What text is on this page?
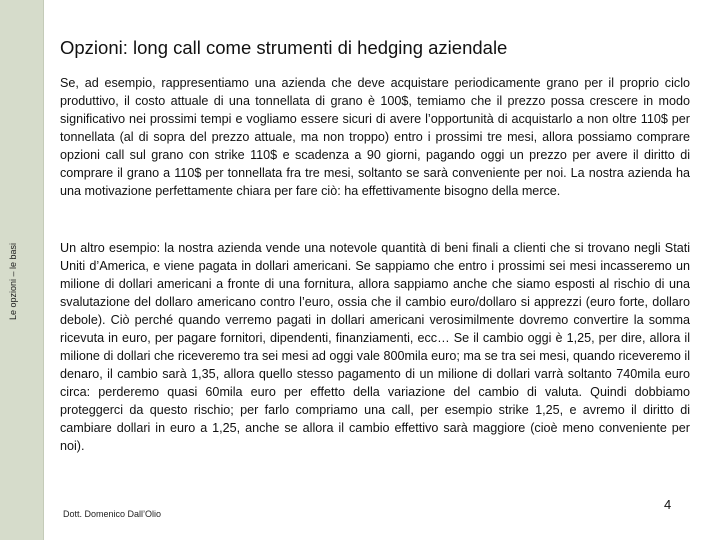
Le opzioni – le basi
Opzioni: long call come strumenti di hedging aziendale

Se, ad esempio, rappresentiamo una azienda che deve acquistare periodicamente grano per il proprio ciclo produttivo, il costo attuale di una tonnellata di grano è 100$, temiamo che il prezzo possa crescere in modo significativo nei prossimi tempi e vogliamo essere sicuri di avere l’opportunità di acquistarlo a non oltre 110$ per tonnellata (al di sopra del prezzo attuale, ma non troppo) entro i prossimi tre mesi, allora possiamo comprare opzioni call sul grano con strike 110$ e scadenza a 90 giorni, pagando oggi un prezzo per avere il diritto di comprare il grano a 110$ per tonnellata fra tre mesi, soltanto se sarà conveniente per noi. La nostra azienda ha una motivazione perfettamente chiara per fare ciò: ha effettivamente bisogno della merce.

Un altro esempio: la nostra azienda vende una notevole quantità di beni finali a clienti che si trovano negli Stati Uniti d’America, e viene pagata in dollari americani. Se sappiamo che entro i prossimi sei mesi incasseremo un milione di dollari americani a fronte di una fornitura, allora sappiamo anche che siamo esposti al rischio di una svalutazione del dollaro americano contro l’euro, ossia che il cambio euro/dollaro si apprezzi (euro forte, dollaro debole). Ciò perché quando verremo pagati in dollari americani verosimilmente dovremo convertire la somma ricevuta in euro, per pagare fornitori, dipendenti, finanziamenti, ecc… Se il cambio oggi è 1,25, per dire, allora il milione di dollari che riceveremo tra sei mesi ad oggi vale 800mila euro; ma se tra sei mesi, quando riceveremo il denaro, il cambio sarà 1,35, allora quello stesso pagamento di un milione di dollari varrà soltanto 740mila euro circa: perderemo quasi 60mila euro per effetto della variazione del cambio di valuta. Quindi dobbiamo proteggerci da questo rischio; per farlo compriamo una call, per esempio strike 1,25, e avremo il diritto di cambiare dollari in euro a 1,25, anche se allora il cambio effettivo sarà maggiore (cioè meno conveniente per noi).

Dott. Domenico Dall’Olio
4
